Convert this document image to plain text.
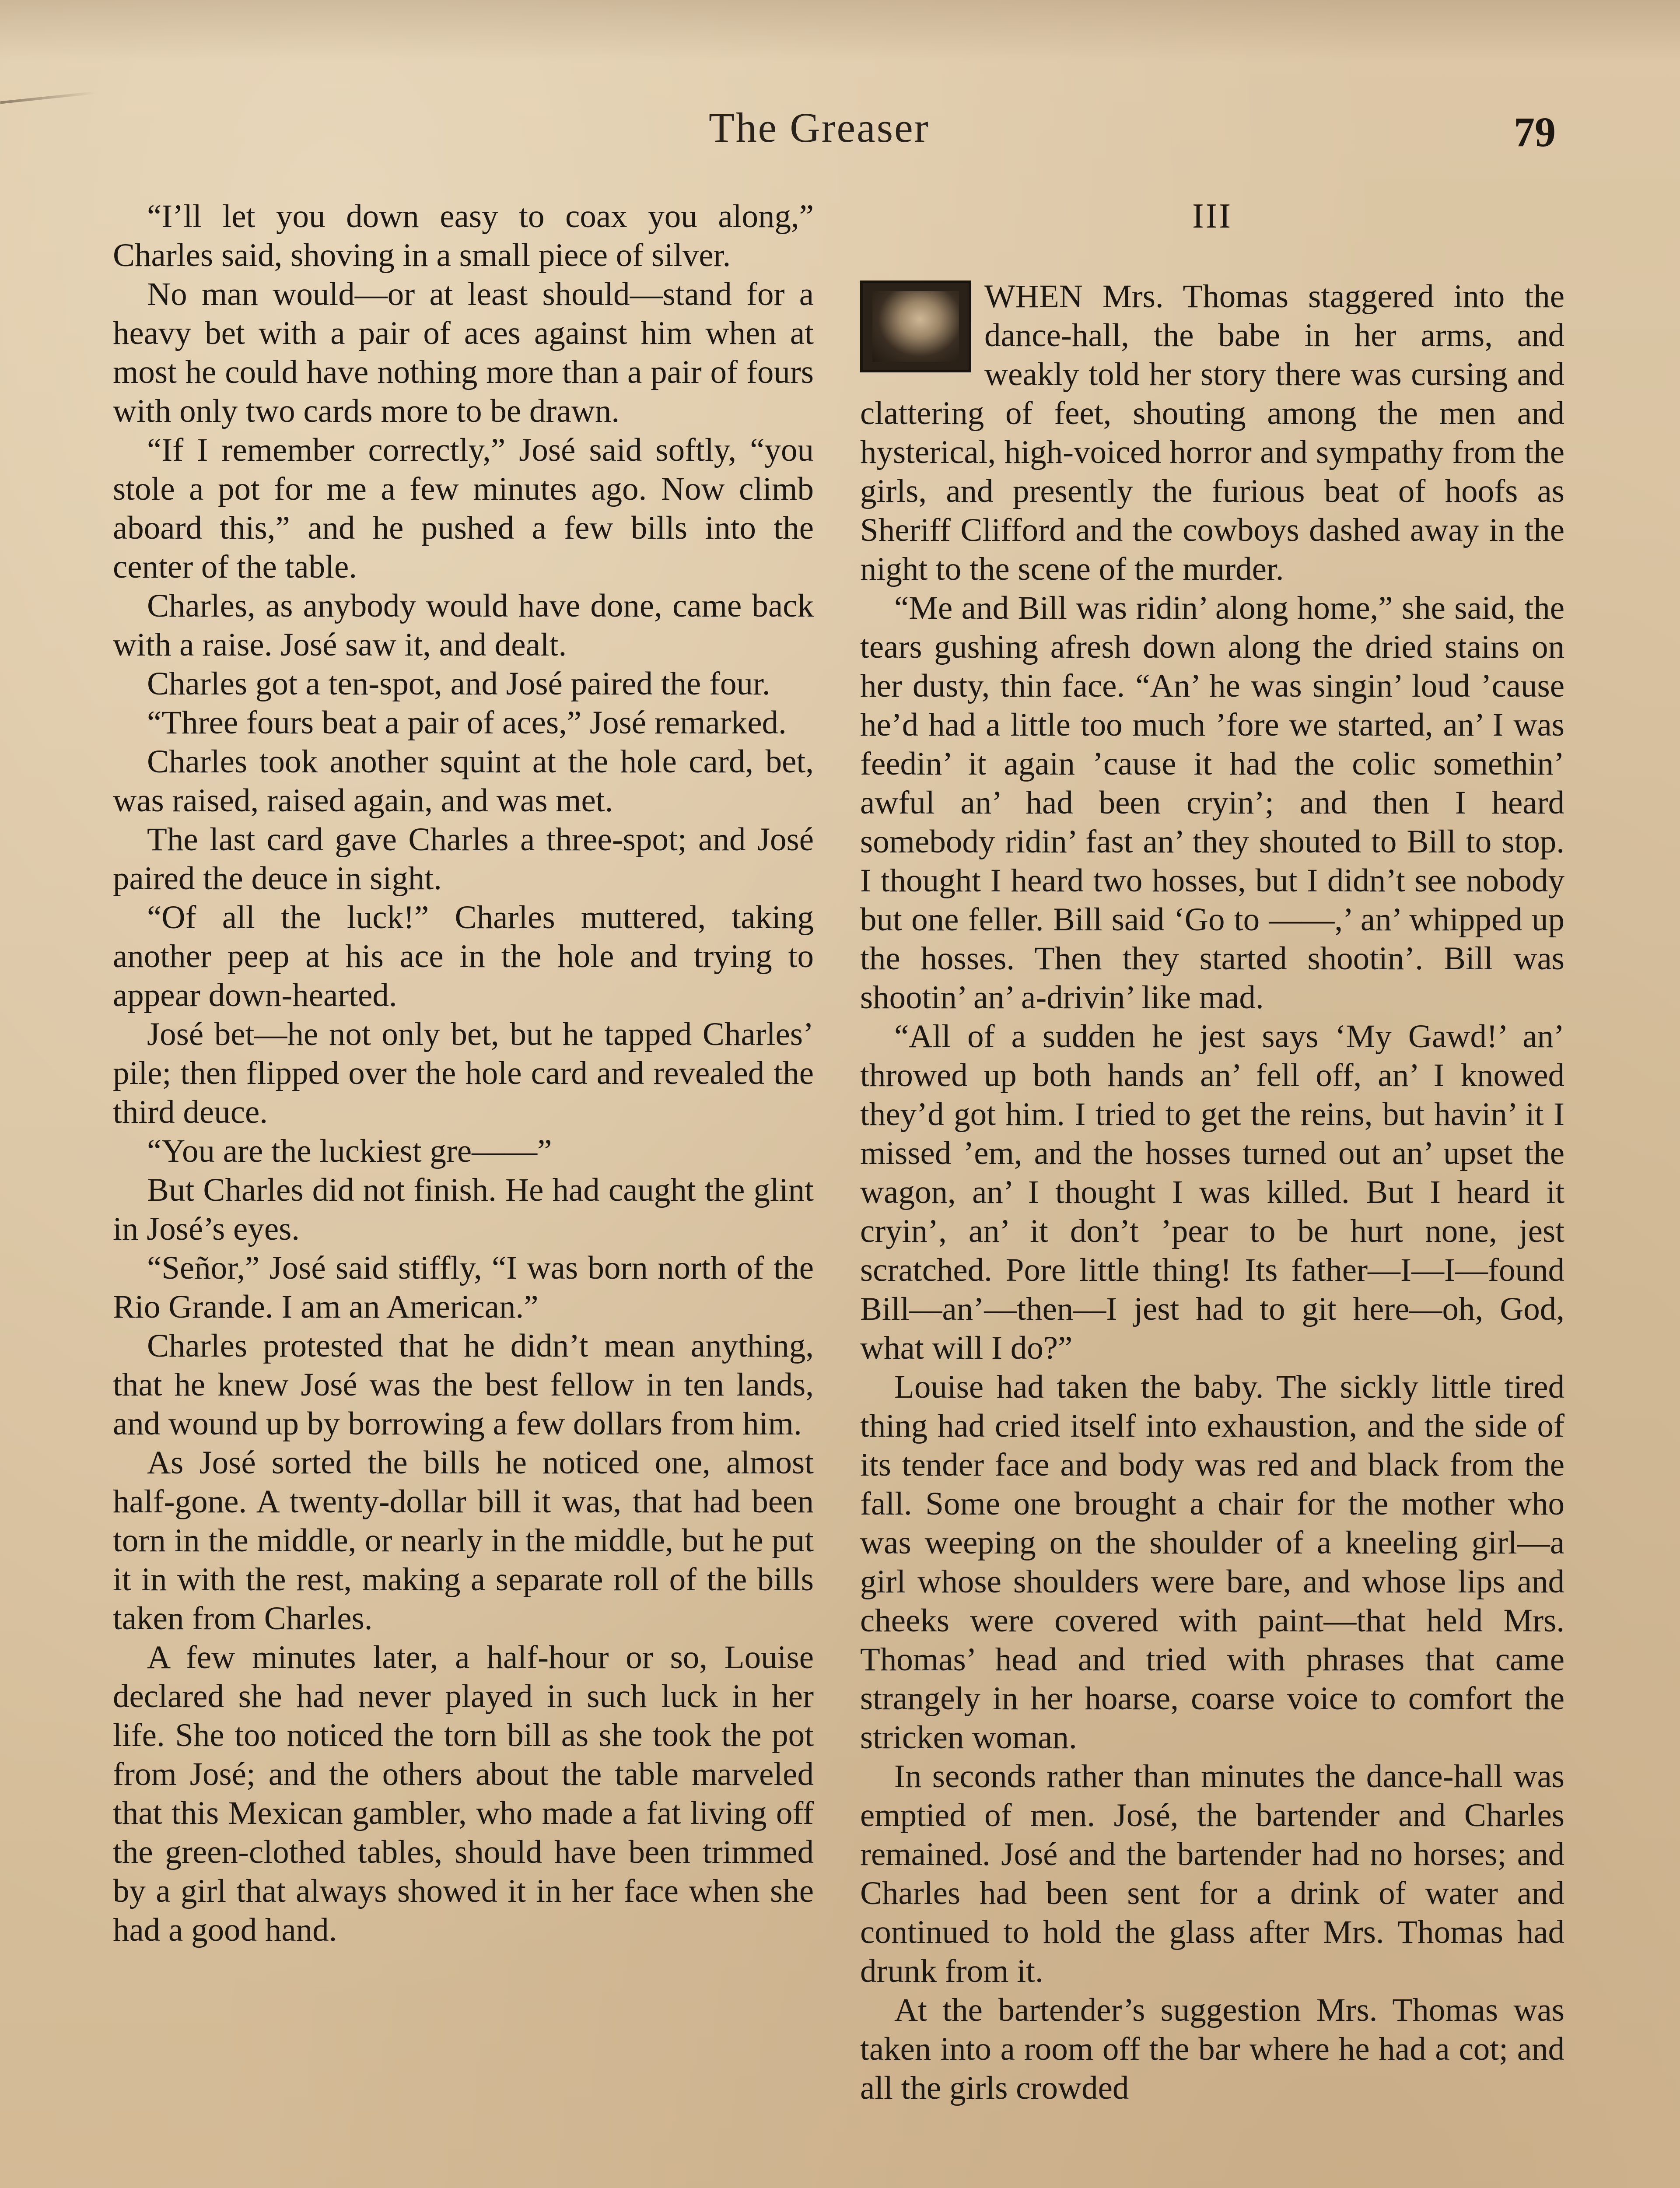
The Greaser	79

“I’ll let you down easy to coax you along,” Charles said, shoving in a small piece of silver.

No man would—or at least should—stand for a heavy bet with a pair of aces against him when at most he could have nothing more than a pair of fours with only two cards more to be drawn.

“If I remember correctly,” José said softly, “you stole a pot for me a few minutes ago. Now climb aboard this,” and he pushed a few bills into the center of the table.

Charles, as anybody would have done, came back with a raise. José saw it, and dealt.

Charles got a ten-spot, and José paired the four.

“Three fours beat a pair of aces,” José remarked.

Charles took another squint at the hole card, bet, was raised, raised again, and was met.

The last card gave Charles a three-spot; and José paired the deuce in sight.

“Of all the luck!” Charles muttered, taking another peep at his ace in the hole and trying to appear down-hearted.

José bet—he not only bet, but he tapped Charles’ pile; then flipped over the hole card and revealed the third deuce.

“You are the luckiest gre——”

But Charles did not finish. He had caught the glint in José’s eyes.

“Señor,” José said stiffly, “I was born north of the Rio Grande. I am an American.”

Charles protested that he didn’t mean anything, that he knew José was the best fellow in ten lands, and wound up by borrowing a few dollars from him.

As José sorted the bills he noticed one, almost half-gone. A twenty-dollar bill it was, that had been torn in the middle, or nearly in the middle, but he put it in with the rest, making a separate roll of the bills taken from Charles.

A few minutes later, a half-hour or so, Louise declared she had never played in such luck in her life. She too noticed the torn bill as she took the pot from José; and the others about the table marveled that this Mexican gambler, who made a fat living off the green-clothed tables, should have been trimmed by a girl that always showed it in her face when she had a good hand.

III

WHEN Mrs. Thomas staggered into the dance-hall, the babe in her arms, and weakly told her story there was cursing and clattering of feet, shouting among the men and hysterical, high-voiced horror and sympathy from the girls, and presently the furious beat of hoofs as Sheriff Clifford and the cowboys dashed away in the night to the scene of the murder.

“Me and Bill was ridin’ along home,” she said, the tears gushing afresh down along the dried stains on her dusty, thin face. “An’ he was singin’ loud ’cause he’d had a little too much ’fore we started, an’ I was feedin’ it again ’cause it had the colic somethin’ awful an’ had been cryin’; and then I heard somebody ridin’ fast an’ they shouted to Bill to stop. I thought I heard two hosses, but I didn’t see nobody but one feller. Bill said ‘Go to ——,’ an’ whipped up the hosses. Then they started shootin’. Bill was shootin’ an’ a-drivin’ like mad.

“All of a sudden he jest says ‘My Gawd!’ an’ throwed up both hands an’ fell off, an’ I knowed they’d got him. I tried to get the reins, but havin’ it I missed ’em, and the hosses turned out an’ upset the wagon, an’ I thought I was killed. But I heard it cryin’, an’ it don’t ’pear to be hurt none, jest scratched. Pore little thing! Its father—I—I—found Bill—an’—then—I jest had to git here—oh, God, what will I do?”

Louise had taken the baby. The sickly little tired thing had cried itself into exhaustion, and the side of its tender face and body was red and black from the fall. Some one brought a chair for the mother who was weeping on the shoulder of a kneeling girl—a girl whose shoulders were bare, and whose lips and cheeks were covered with paint—that held Mrs. Thomas’ head and tried with phrases that came strangely in her hoarse, coarse voice to comfort the stricken woman.

In seconds rather than minutes the dance-hall was emptied of men. José, the bartender and Charles remained. José and the bartender had no horses; and Charles had been sent for a drink of water and continued to hold the glass after Mrs. Thomas had drunk from it.

At the bartender’s suggestion Mrs. Thomas was taken into a room off the bar where he had a cot; and all the girls crowded
